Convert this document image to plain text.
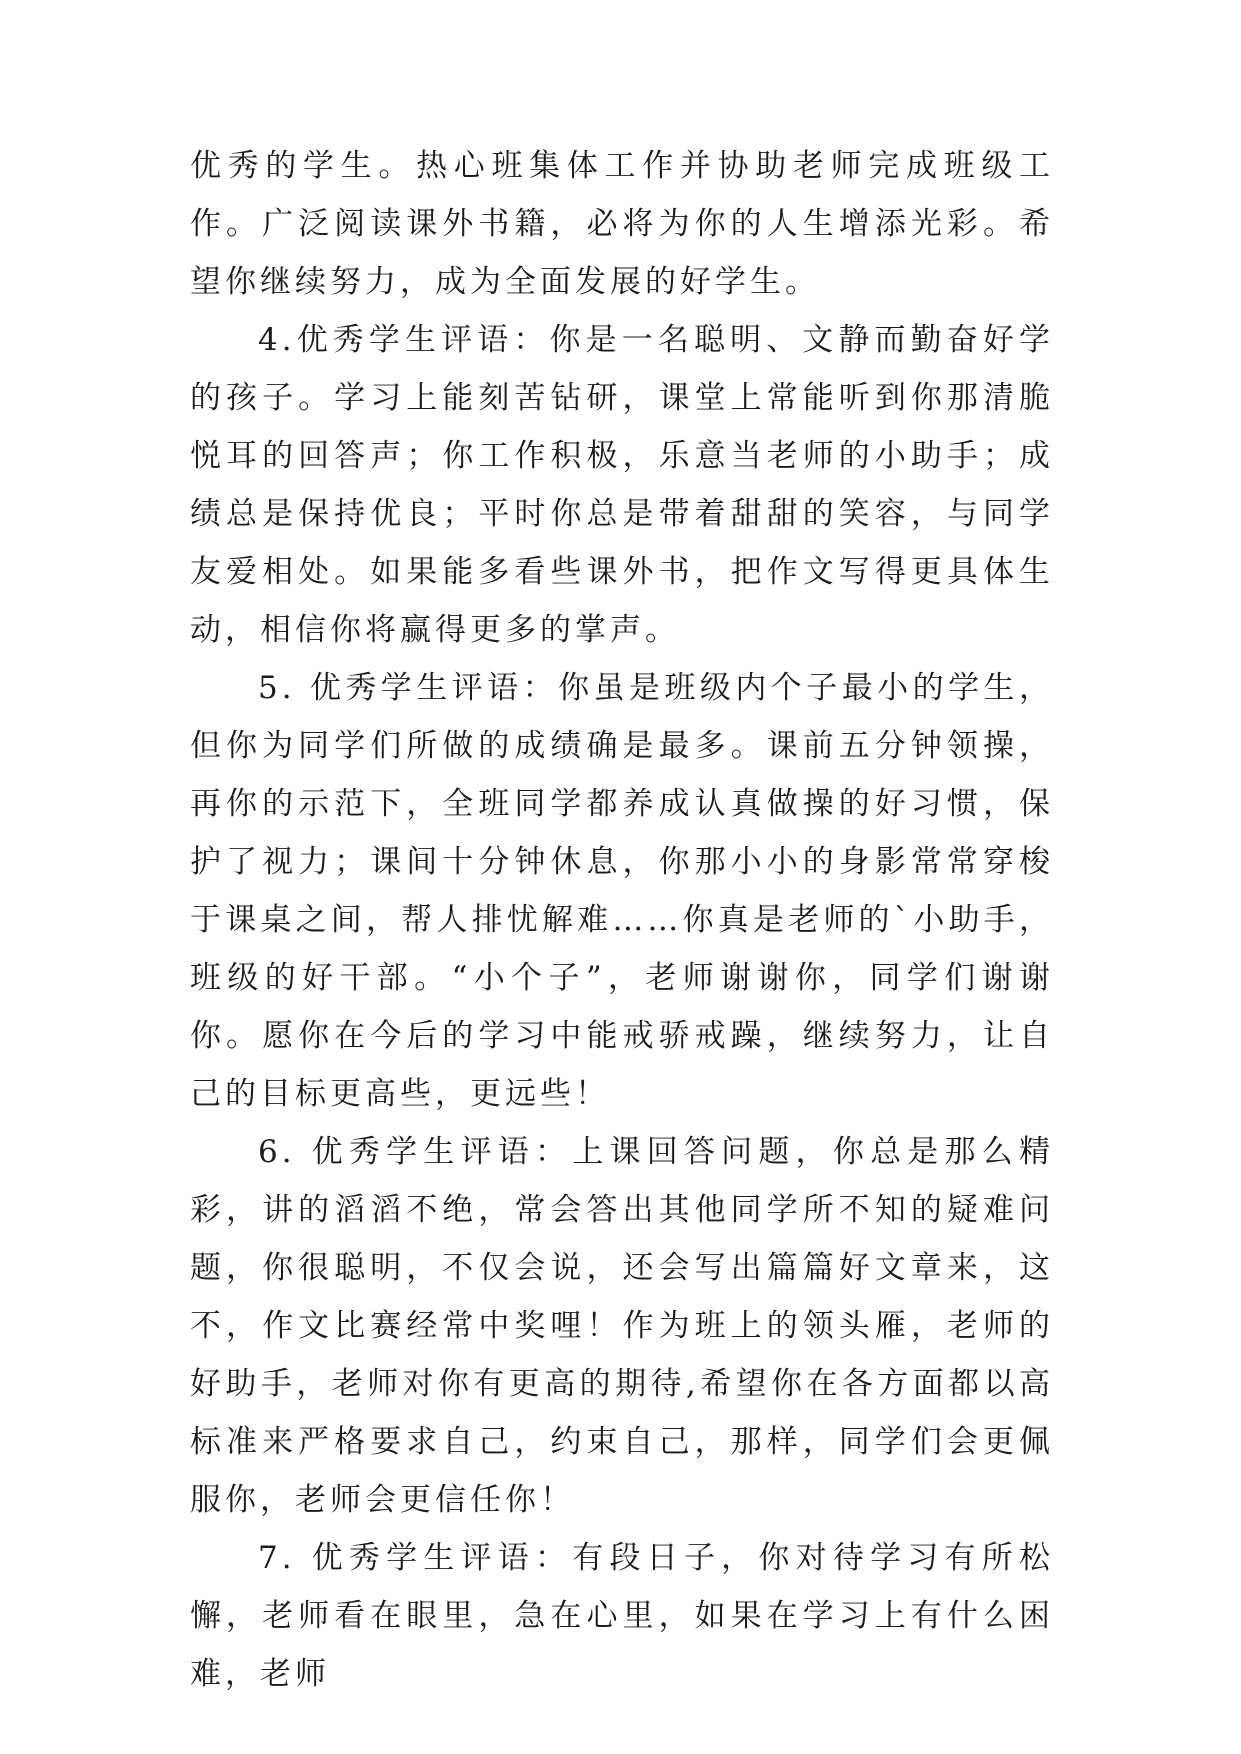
优秀的学生。热心班集体工作并协助老师完成班级工作。广泛阅读课外书籍，必将为你的人生增添光彩。希望你继续努力，成为全面发展的好学生。

4.优秀学生评语：你是一名聪明、文静而勤奋好学的孩子。学习上能刻苦钻研，课堂上常能听到你那清脆悦耳的回答声；你工作积极，乐意当老师的小助手；成绩总是保持优良；平时你总是带着甜甜的笑容，与同学友爱相处。如果能多看些课外书，把作文写得更具体生动，相信你将赢得更多的掌声。

5. 优秀学生评语：你虽是班级内个子最小的学生，但你为同学们所做的成绩确是最多。课前五分钟领操，再你的示范下，全班同学都养成认真做操的好习惯，保护了视力；课间十分钟休息，你那小小的身影常常穿梭于课桌之间，帮人排忧解难……你真是老师的`小助手，班级的好干部。“小个子”，老师谢谢你，同学们谢谢你。愿你在今后的学习中能戒骄戒躁，继续努力，让自己的目标更高些，更远些！

6. 优秀学生评语：上课回答问题，你总是那么精彩，讲的滔滔不绝，常会答出其他同学所不知的疑难问题，你很聪明，不仅会说，还会写出篇篇好文章来，这不，作文比赛经常中奖哩！作为班上的领头雁，老师的好助手，老师对你有更高的期待,希望你在各方面都以高标准来严格要求自己，约束自己，那样，同学们会更佩服你，老师会更信任你！

7. 优秀学生评语：有段日子，你对待学习有所松懈，老师看在眼里，急在心里，如果在学习上有什么困难，老师
